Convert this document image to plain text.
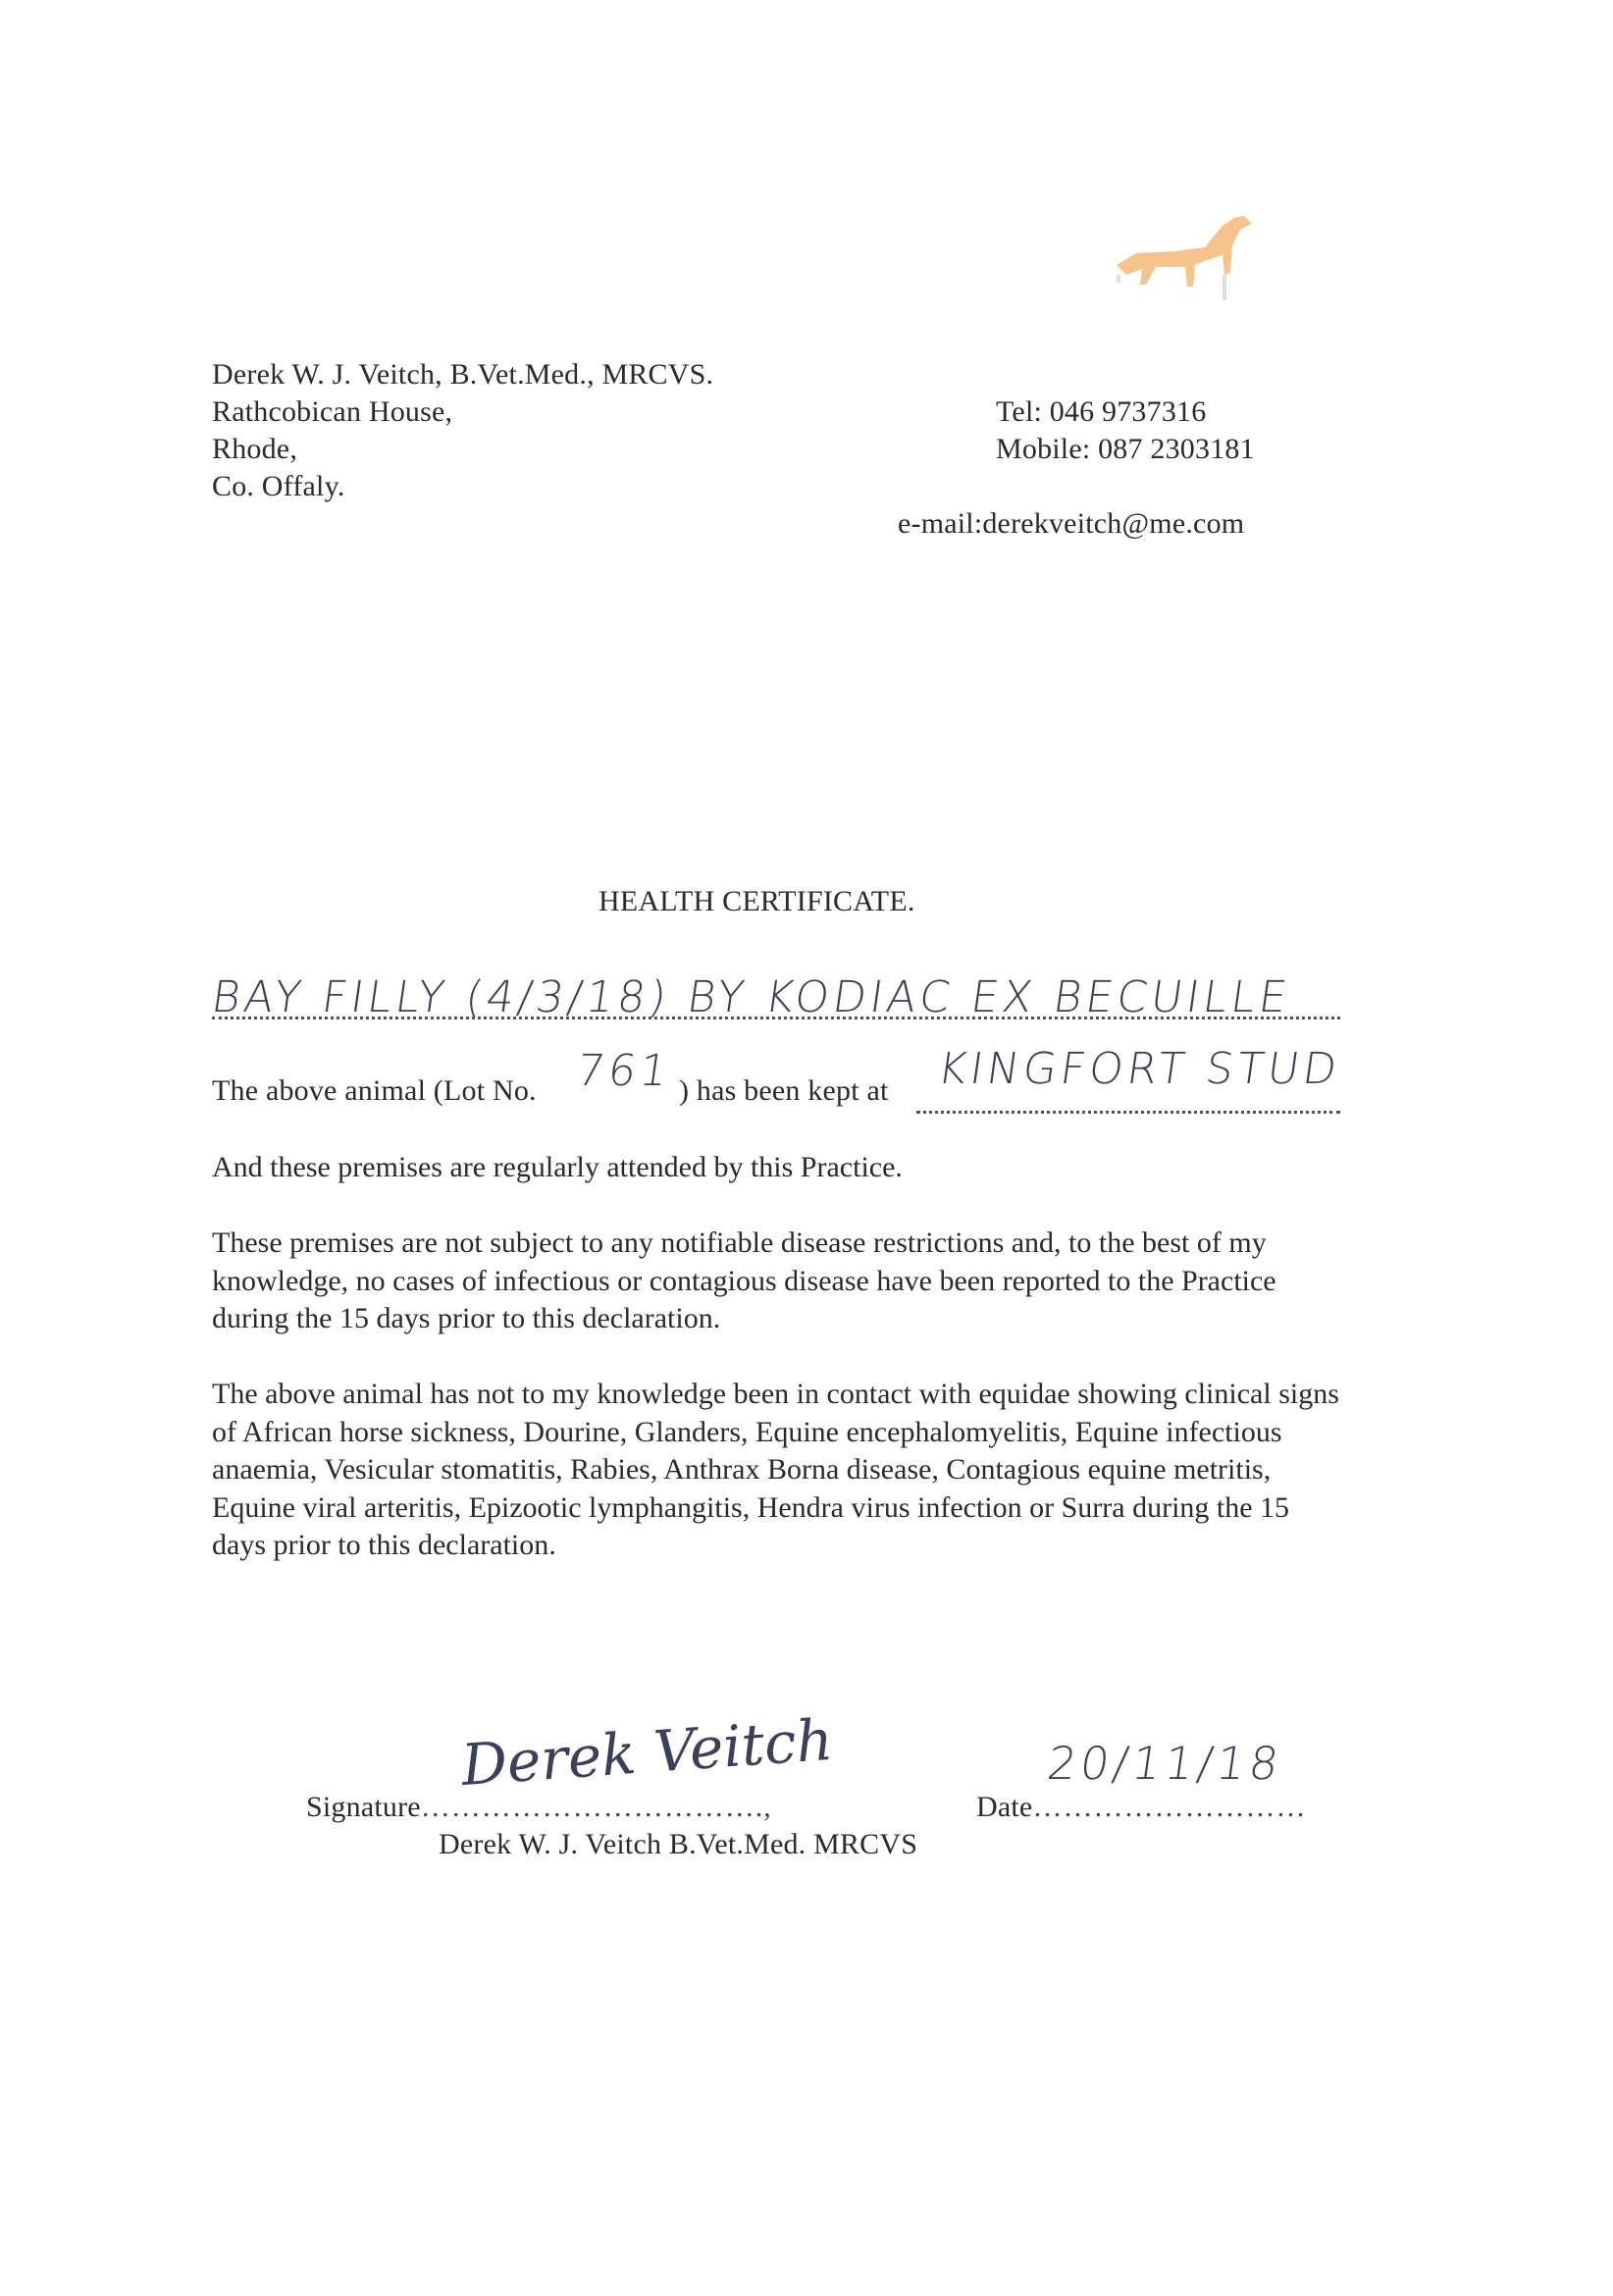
Derek W. J. Veitch, B.Vet.Med., MRCVS.
Rathcobican House,
Rhode,
Co. Offaly.
Tel: 046 9737316
Mobile: 087 2303181
e-mail:derekveitch@me.com
HEALTH CERTIFICATE.
BAY FILLY (4/3/18) BY KODIAC EX BECUILLE
The above animal (Lot No. 761 ) has been kept at KINGFORT STUD

And these premises are regularly attended by this Practice.

These premises are not subject to any notifiable disease restrictions and, to the best of my knowledge, no cases of infectious or contagious disease have been reported to the Practice during the 15 days prior to this declaration.

The above animal has not to my knowledge been in contact with equidae showing clinical signs of African horse sickness, Dourine, Glanders, Equine encephalomyelitis, Equine infectious anaemia, Vesicular stomatitis, Rabies, Anthrax Borna disease, Contagious equine metritis, Equine viral arteritis, Epizootic lymphangitis, Hendra virus infection or Surra during the 15 days prior to this declaration.

Signature…………………………….,
Derek Veitch
Date………………………
20/11/18
Derek W. J. Veitch B.Vet.Med. MRCVS
